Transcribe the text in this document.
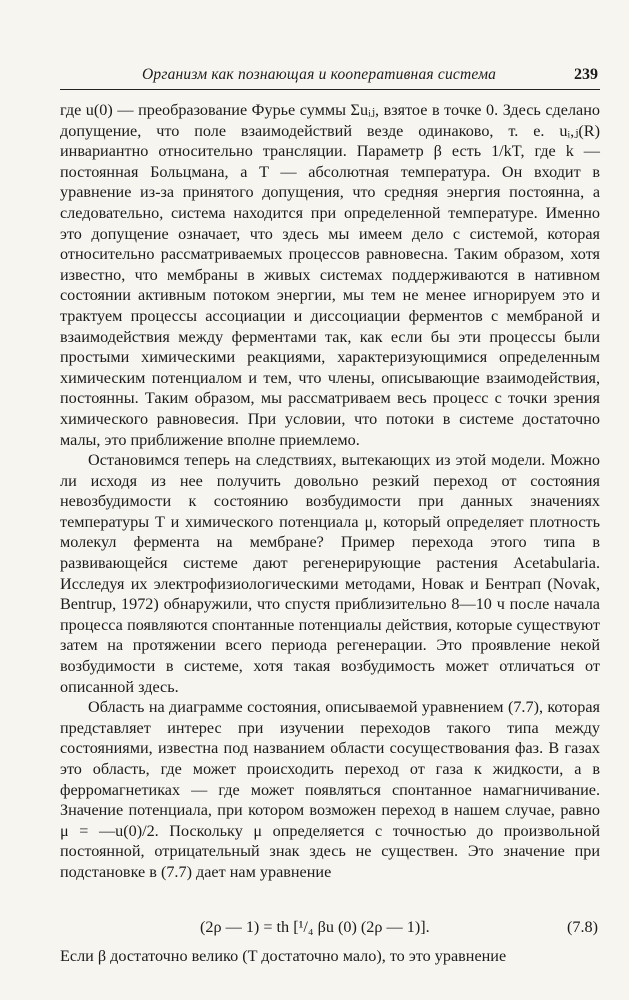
Организм как познающая и кооперативная система	239

где u(0) — преобразование Фурье суммы Σuᵢⱼ, взятое в точке 0. Здесь сделано допущение, что поле взаимодействий везде одинаково, т. е. uᵢ,ⱼ(R) инвариантно относительно трансляции. Параметр β есть 1/kT, где k — постоянная Больцмана, а T — абсолютная температура. Он входит в уравнение из-за принятого допущения, что средняя энергия постоянна, а следовательно, система находится при определенной температуре. Именно это допущение означает, что здесь мы имеем дело с системой, которая относительно рассматриваемых процессов равновесна. Таким образом, хотя известно, что мембраны в живых системах поддерживаются в нативном состоянии активным потоком энергии, мы тем не менее игнорируем это и трактуем процессы ассоциации и диссоциации ферментов с мембраной и взаимодействия между ферментами так, как если бы эти процессы были простыми химическими реакциями, характеризующимися определенным химическим потенциалом и тем, что члены, описывающие взаимодействия, постоянны. Таким образом, мы рассматриваем весь процесс с точки зрения химического равновесия. При условии, что потоки в системе достаточно малы, это приближение вполне приемлемо.

Остановимся теперь на следствиях, вытекающих из этой модели. Можно ли исходя из нее получить довольно резкий переход от состояния невозбудимости к состоянию возбудимости при данных значениях температуры T и химического потенциала μ, который определяет плотность молекул фермента на мембране? Пример перехода этого типа в развивающейся системе дают регенерирующие растения Acetabularia. Исследуя их электрофизиологическими методами, Новак и Бентрап (Novak, Bentrup, 1972) обнаружили, что спустя приблизительно 8—10 ч после начала процесса появляются спонтанные потенциалы действия, которые существуют затем на протяжении всего периода регенерации. Это проявление некой возбудимости в системе, хотя такая возбудимость может отличаться от описанной здесь.

Область на диаграмме состояния, описываемой уравнением (7.7), которая представляет интерес при изучении переходов такого типа между состояниями, известна под названием области сосуществования фаз. В газах это область, где может происходить переход от газа к жидкости, а в ферромагнетиках — где может появляться спонтанное намагничивание. Значение потенциала, при котором возможен переход в нашем случае, равно μ = —u(0)/2. Поскольку μ определяется с точностью до произвольной постоянной, отрицательный знак здесь не существен. Это значение при подстановке в (7.7) дает нам уравнение

(2ρ — 1) = th [¹/₄ βu (0) (2ρ — 1)].	(7.8)
Если β достаточно велико (T достаточно мало), то это уравнение
